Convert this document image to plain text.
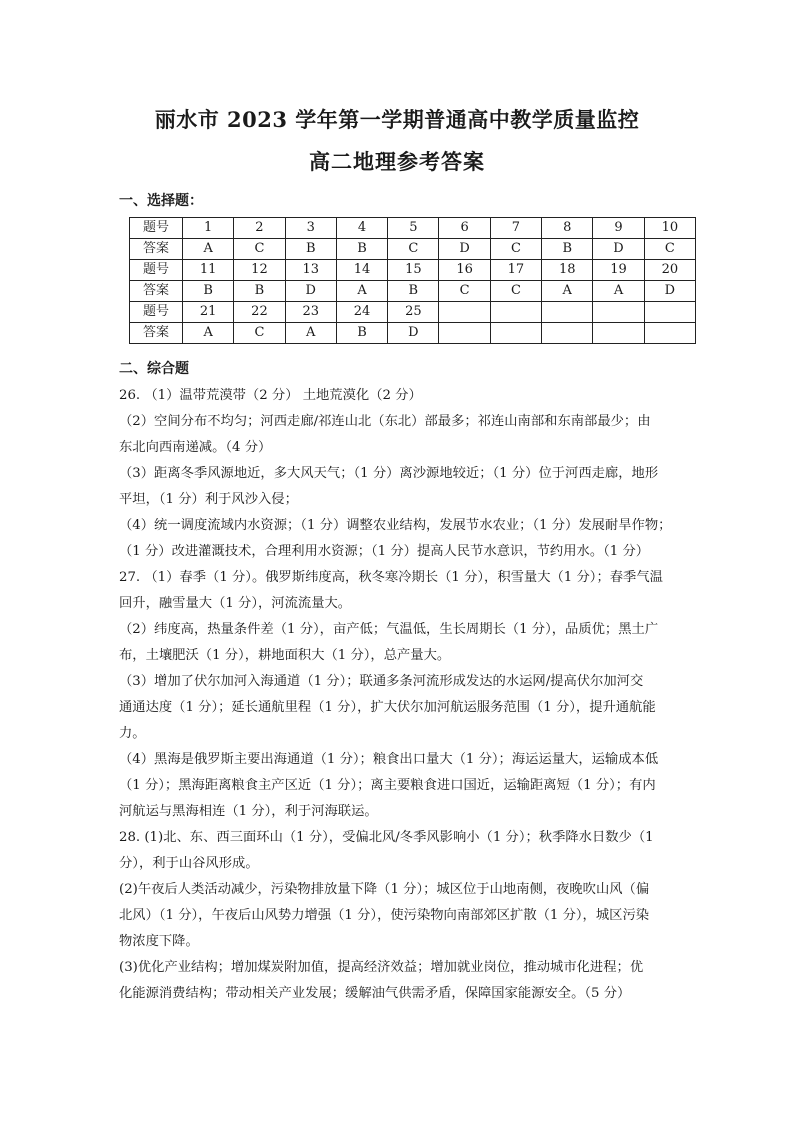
丽水市 2023 学年第一学期普通高中教学质量监控
高二地理参考答案
一、选择题：
题号	1	2	3	4	5	6	7	8	9	10
答案	A	C	B	B	C	D	C	B	D	C
题号	11	12	13	14	15	16	17	18	19	20
答案	B	B	D	A	B	C	C	A	A	D
题号	21	22	23	24	25					
答案	A	C	A	B	D					
二、综合题

26. （1）温带荒漠带（2 分） 土地荒漠化（2 分）

（2）空间分布不均匀；河西走廊/祁连山北（东北）部最多；祁连山南部和东南部最少；由

东北向西南递减。（4 分）

（3）距离冬季风源地近，多大风天气；（1 分）离沙源地较近；（1 分）位于河西走廊，地形

平坦，（1 分）利于风沙入侵；

（4）统一调度流域内水资源；（1 分）调整农业结构，发展节水农业；（1 分）发展耐旱作物；

（1 分）改进灌溉技术，合理利用水资源；（1 分）提高人民节水意识，节约用水。（1 分）

27. （1）春季（1 分）。俄罗斯纬度高，秋冬寒冷期长（1 分），积雪量大（1 分）；春季气温

回升，融雪量大（1 分），河流流量大。

（2）纬度高，热量条件差（1 分），亩产低；气温低，生长周期长（1 分），品质优；黑土广

布，土壤肥沃（1 分），耕地面积大（1 分），总产量大。

（3）增加了伏尔加河入海通道（1 分）；联通多条河流形成发达的水运网/提高伏尔加河交

通通达度（1 分）；延长通航里程（1 分），扩大伏尔加河航运服务范围（1 分），提升通航能

力。

（4）黑海是俄罗斯主要出海通道（1 分）；粮食出口量大（1 分）；海运运量大，运输成本低

（1 分）；黑海距离粮食主产区近（1 分）；离主要粮食进口国近，运输距离短（1 分）；有内

河航运与黑海相连（1 分），利于河海联运。

28. (1)北、东、西三面环山（1 分），受偏北风/冬季风影响小（1 分）；秋季降水日数少（1

分），利于山谷风形成。

(2)午夜后人类活动减少，污染物排放量下降（1 分）；城区位于山地南侧，夜晚吹山风（偏

北风）（1 分），午夜后山风势力增强（1 分），使污染物向南部郊区扩散（1 分），城区污染

物浓度下降。

(3)优化产业结构；增加煤炭附加值，提高经济效益；增加就业岗位，推动城市化进程；优

化能源消费结构；带动相关产业发展；缓解油气供需矛盾，保障国家能源安全。（5 分）
